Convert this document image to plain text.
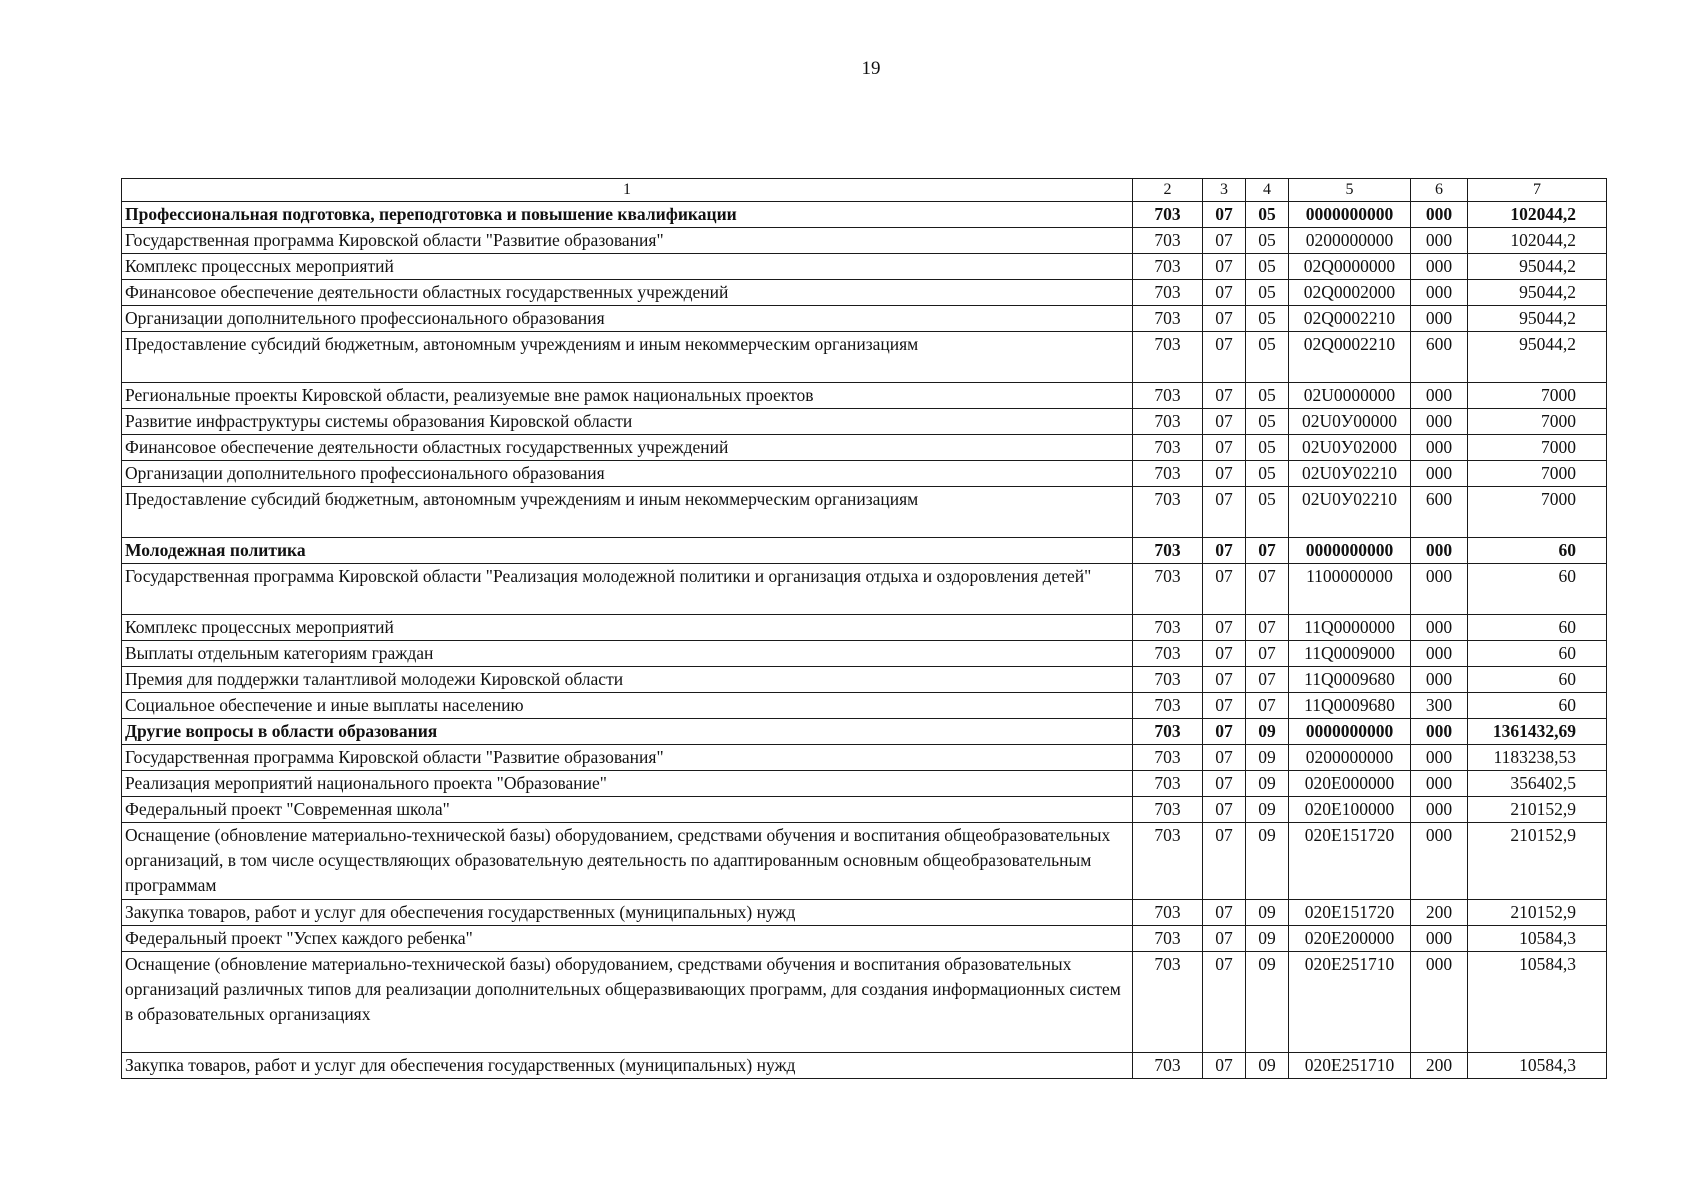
19
1	2	3	4	5	6	7
Профессиональная подготовка, переподготовка и повышение квалификации	703	07	05	0000000000	000	102044,2
Государственная программа Кировской области "Развитие образования"	703	07	05	0200000000	000	102044,2
Комплекс процессных мероприятий	703	07	05	02Q0000000	000	95044,2
Финансовое обеспечение деятельности областных государственных учреждений	703	07	05	02Q0002000	000	95044,2
Организации дополнительного профессионального образования	703	07	05	02Q0002210	000	95044,2
Предоставление субсидий бюджетным, автономным учреждениям и иным некоммерческим организациям	703	07	05	02Q0002210	600	95044,2
Региональные проекты Кировской области, реализуемые вне рамок национальных проектов	703	07	05	02U0000000	000	7000
Развитие инфраструктуры системы образования Кировской области	703	07	05	02U0У00000	000	7000
Финансовое обеспечение деятельности областных государственных учреждений	703	07	05	02U0У02000	000	7000
Организации дополнительного профессионального образования	703	07	05	02U0У02210	000	7000
Предоставление субсидий бюджетным, автономным учреждениям и иным некоммерческим организациям	703	07	05	02U0У02210	600	7000
Молодежная политика	703	07	07	0000000000	000	60
Государственная программа Кировской области "Реализация молодежной политики и организация отдыха и оздоровления детей"	703	07	07	1100000000	000	60
Комплекс процессных мероприятий	703	07	07	11Q0000000	000	60
Выплаты отдельным категориям граждан	703	07	07	11Q0009000	000	60
Премия для поддержки талантливой молодежи Кировской области	703	07	07	11Q0009680	000	60
Социальное обеспечение и иные выплаты населению	703	07	07	11Q0009680	300	60
Другие вопросы в области образования	703	07	09	0000000000	000	1361432,69
Государственная программа Кировской области "Развитие образования"	703	07	09	0200000000	000	1183238,53
Реализация мероприятий национального проекта "Образование"	703	07	09	020E000000	000	356402,5
Федеральный проект "Современная школа"	703	07	09	020E100000	000	210152,9
Оснащение (обновление материально-технической базы) оборудованием, средствами обучения и воспитания общеобразовательных организаций, в том числе осуществляющих образовательную деятельность по адаптированным основным общеобразовательным программам	703	07	09	020E151720	000	210152,9
Закупка товаров, работ и услуг для обеспечения государственных (муниципальных) нужд	703	07	09	020E151720	200	210152,9
Федеральный проект "Успех каждого ребенка"	703	07	09	020E200000	000	10584,3
Оснащение (обновление материально-технической базы) оборудованием, средствами обучения и воспитания образовательных организаций различных типов для реализации дополнительных общеразвивающих программ, для создания информационных систем в образовательных организациях	703	07	09	020E251710	000	10584,3
Закупка товаров, работ и услуг для обеспечения государственных (муниципальных) нужд	703	07	09	020E251710	200	10584,3
